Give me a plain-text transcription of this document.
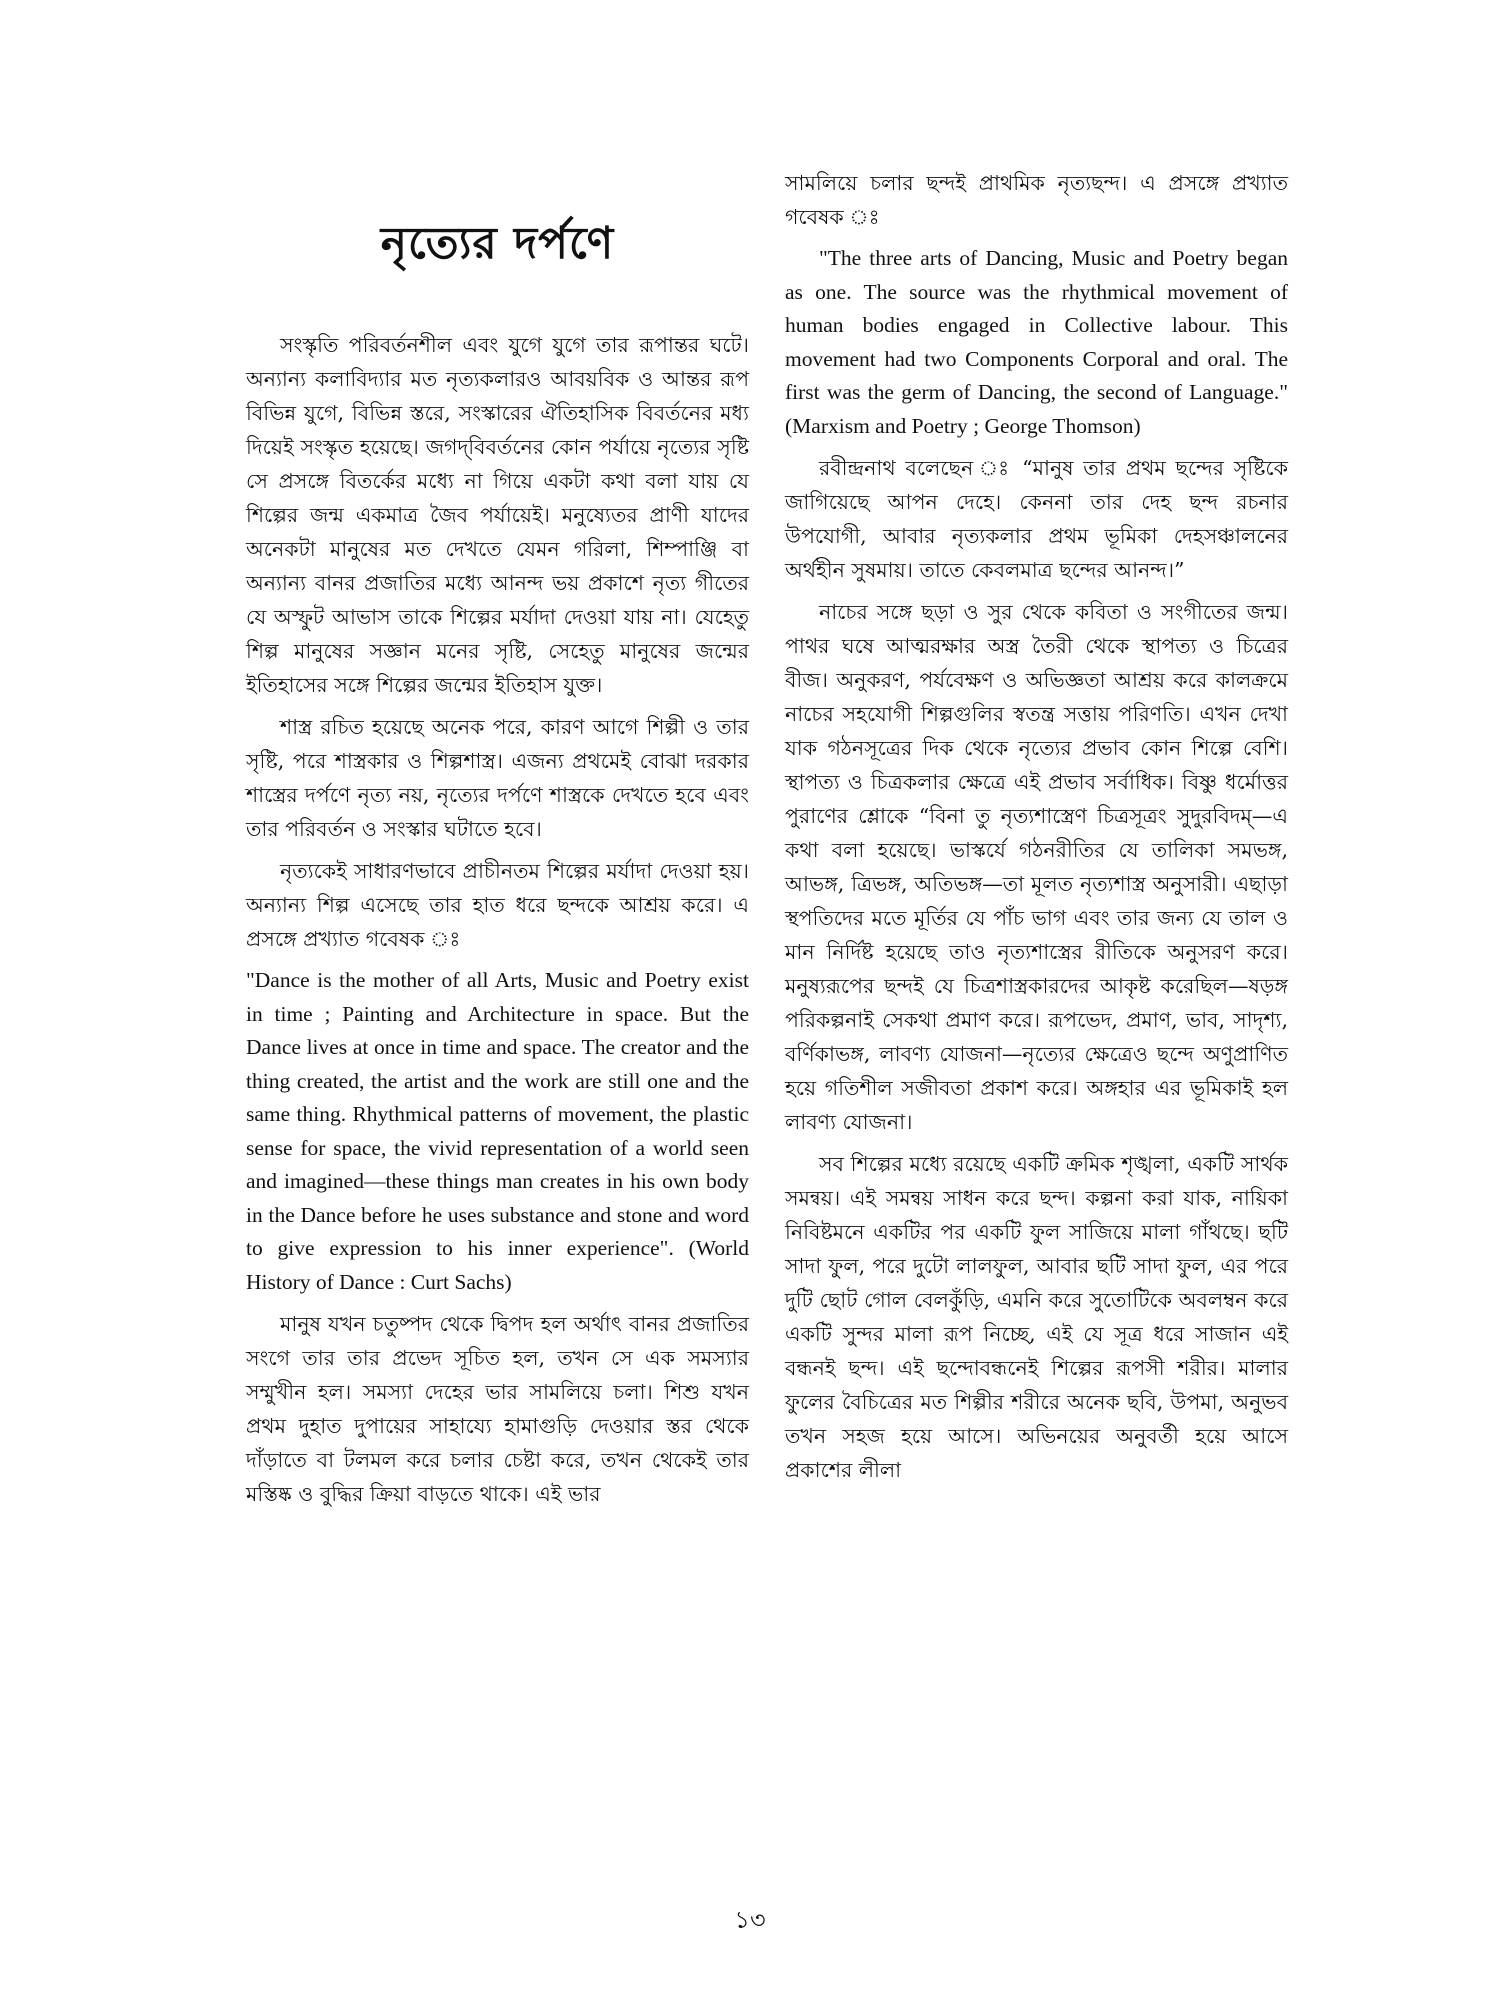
নৃত্যের দর্পণে

সংস্কৃতি পরিবর্তনশীল এবং যুগে যুগে তার রূপান্তর ঘটে। অন্যান্য কলাবিদ্যার মত নৃত্যকলারও আবয়বিক ও আন্তর রূপ বিভিন্ন যুগে, বিভিন্ন স্তরে, সংস্কারের ঐতিহাসিক বিবর্তনের মধ্য দিয়েই সংস্কৃত হয়েছে। জগদ্‌বিবর্তনের কোন পর্যায়ে নৃত্যের সৃষ্টি সে প্রসঙ্গে বিতর্কের মধ্যে না গিয়ে একটা কথা বলা যায় যে শিল্পের জন্ম একমাত্র জৈব পর্যায়েই। মনুষ্যেতর প্রাণী যাদের অনেকটা মানুষের মত দেখতে যেমন গরিলা, শিম্পাঞ্জি বা অন্যান্য বানর প্রজাতির মধ্যে আনন্দ ভয় প্রকাশে নৃত্য গীতের যে অস্ফুট আভাস তাকে শিল্পের মর্যাদা দেওয়া যায় না। যেহেতু শিল্প মানুষের সজ্ঞান মনের সৃষ্টি, সেহেতু মানুষের জন্মের ইতিহাসের সঙ্গে শিল্পের জন্মের ইতিহাস যুক্ত।

শাস্ত্র রচিত হয়েছে অনেক পরে, কারণ আগে শিল্পী ও তার সৃষ্টি, পরে শাস্ত্রকার ও শিল্পশাস্ত্র। এজন্য প্রথমেই বোঝা দরকার শাস্ত্রের দর্পণে নৃত্য নয়, নৃত্যের দর্পণে শাস্ত্রকে দেখতে হবে এবং তার পরিবর্তন ও সংস্কার ঘটাতে হবে।

নৃত্যকেই সাধারণভাবে প্রাচীনতম শিল্পের মর্যাদা দেওয়া হয়। অন্যান্য শিল্প এসেছে তার হাত ধরে ছন্দকে আশ্রয় করে। এ প্রসঙ্গে প্রখ্যাত গবেষক ঃ

"Dance is the mother of all Arts, Music and Poetry exist in time ; Painting and Architecture in space. But the Dance lives at once in time and space. The creator and the thing created, the artist and the work are still one and the same thing. Rhythmical patterns of movement, the plastic sense for space, the vivid representation of a world seen and imagined—these things man creates in his own body in the Dance before he uses substance and stone and word to give expression to his inner experience". (World History of Dance : Curt Sachs)

মানুষ যখন চতুষ্পদ থেকে দ্বিপদ হল অর্থাৎ বানর প্রজাতির সংগে তার তার প্রভেদ সূচিত হল, তখন সে এক সমস্যার সম্মুখীন হল। সমস্যা দেহের ভার সামলিয়ে চলা। শিশু যখন প্রথম দুহাত দুপায়ের সাহায্যে হামাগুড়ি দেওয়ার স্তর থেকে দাঁড়াতে বা টলমল করে চলার চেষ্টা করে, তখন থেকেই তার মস্তিষ্ক ও বুদ্ধির ক্রিয়া বাড়তে থাকে। এই ভার

সামলিয়ে চলার ছন্দই প্রাথমিক নৃত্যছন্দ। এ প্রসঙ্গে প্রখ্যাত গবেষক ঃ

"The three arts of Dancing, Music and Poetry began as one. The source was the rhythmical movement of human bodies engaged in Collective labour. This movement had two Components Corporal and oral. The first was the germ of Dancing, the second of Language." (Marxism and Poetry ; George Thomson)

রবীন্দ্রনাথ বলেছেন ঃ “মানুষ তার প্রথম ছন্দের সৃষ্টিকে জাগিয়েছে আপন দেহে। কেননা তার দেহ ছন্দ রচনার উপযোগী, আবার নৃত্যকলার প্রথম ভূমিকা দেহসঞ্চালনের অর্থহীন সুষমায়। তাতে কেবলমাত্র ছন্দের আনন্দ।”

নাচের সঙ্গে ছড়া ও সুর থেকে কবিতা ও সংগীতের জন্ম। পাথর ঘষে আত্মরক্ষার অস্ত্র তৈরী থেকে স্থাপত্য ও চিত্রের বীজ। অনুকরণ, পর্যবেক্ষণ ও অভিজ্ঞতা আশ্রয় করে কালক্রমে নাচের সহযোগী শিল্পগুলির স্বতন্ত্র সত্তায় পরিণতি। এখন দেখা যাক গঠনসূত্রের দিক থেকে নৃত্যের প্রভাব কোন শিল্পে বেশি। স্থাপত্য ও চিত্রকলার ক্ষেত্রে এই প্রভাব সর্বাধিক। বিষ্ণু ধর্মোত্তর পুরাণের শ্লোকে “বিনা তু নৃত্যশাস্ত্রেণ চিত্রসূত্রং সুদুরবিদম্‌—এ কথা বলা হয়েছে। ভাস্কর্যে গঠনরীতির যে তালিকা সমভঙ্গ, আভঙ্গ, ত্রিভঙ্গ, অতিভঙ্গ—তা মূলত নৃত্যশাস্ত্র অনুসারী। এছাড়া স্থপতিদের মতে মূর্তির যে পাঁচ ভাগ এবং তার জন্য যে তাল ও মান নির্দিষ্ট হয়েছে তাও নৃত্যশাস্ত্রের রীতিকে অনুসরণ করে। মনুষ্যরূপের ছন্দই যে চিত্রশাস্ত্রকারদের আকৃষ্ট করেছিল—ষড়ঙ্গ পরিকল্পনাই সেকথা প্রমাণ করে। রূপভেদ, প্রমাণ, ভাব, সাদৃশ্য, বর্ণিকাভঙ্গ, লাবণ্য যোজনা—নৃত্যের ক্ষেত্রেও ছন্দে অণুপ্রাণিত হয়ে গতিশীল সজীবতা প্রকাশ করে। অঙ্গহার এর ভূমিকাই হল লাবণ্য যোজনা।

সব শিল্পের মধ্যে রয়েছে একটি ক্রমিক শৃঙ্খলা, একটি সার্থক সমন্বয়। এই সমন্বয় সাধন করে ছন্দ। কল্পনা করা যাক, নায়িকা নিবিষ্টমনে একটির পর একটি ফুল সাজিয়ে মালা গাঁথছে। ছটি সাদা ফুল, পরে দুটো লালফুল, আবার ছটি সাদা ফুল, এর পরে দুটি ছোট গোল বেলকুঁড়ি, এমনি করে সুতোটিকে অবলম্বন করে একটি সুন্দর মালা রূপ নিচ্ছে, এই যে সূত্র ধরে সাজান এই বন্ধনই ছন্দ। এই ছন্দোবন্ধনেই শিল্পের রূপসী শরীর। মালার ফুলের বৈচিত্রের মত শিল্পীর শরীরে অনেক ছবি, উপমা, অনুভব তখন সহজ হয়ে আসে। অভিনয়ের অনুবর্তী হয়ে আসে প্রকাশের লীলা

১৩
